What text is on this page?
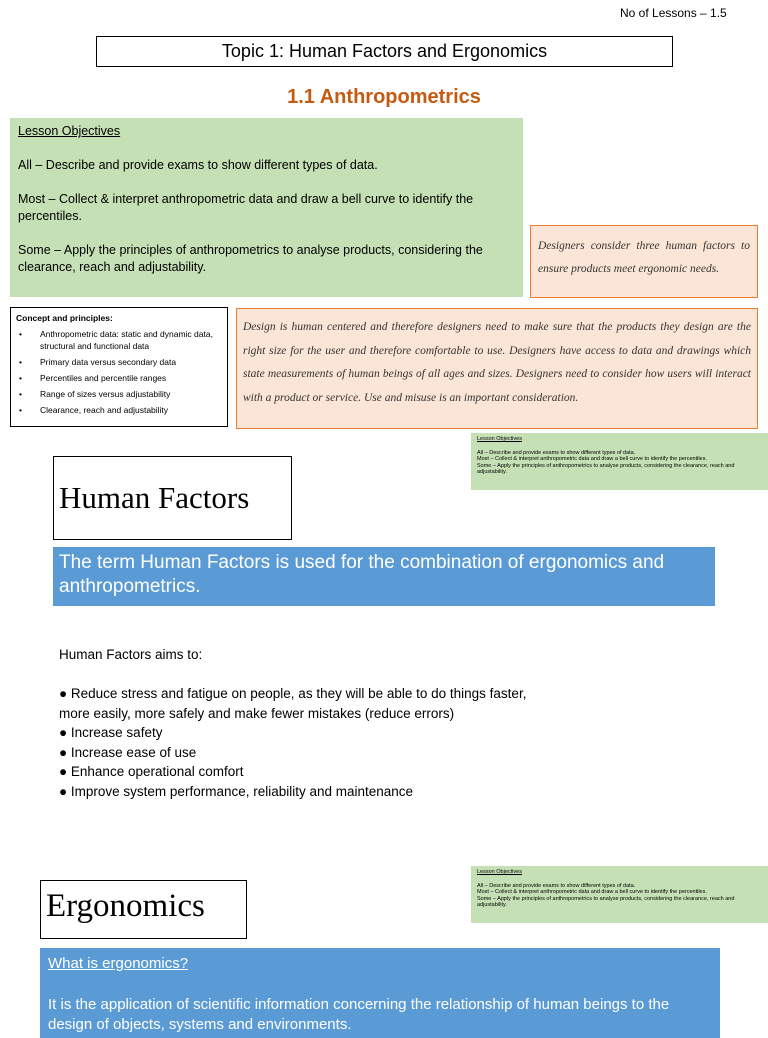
No of Lessons – 1.5
Topic 1: Human Factors and Ergonomics
1.1 Anthropometrics
Lesson Objectives

All – Describe and provide exams to show different types of data.

Most – Collect & interpret anthropometric data and draw a bell curve to identify the percentiles.

Some – Apply the principles of anthropometrics to analyse products, considering the clearance, reach and adjustability.

Designers consider three human factors to ensure products meet ergonomic needs.
Concept and principles:
• Anthropometric data: static and dynamic data, structural and functional data
• Primary data versus secondary data
• Percentiles and percentile ranges
• Range of sizes versus adjustability
• Clearance, reach and adjustability
Design is human centered and therefore designers need to make sure that the products they design are the right size for the user and therefore comfortable to use. Designers have access to data and drawings which state measurements of human beings of all ages and sizes. Designers need to consider how users will interact with a product or service. Use and misuse is an important consideration.
Lesson Objectives

All – Describe and provide exams to show different types of data.

Most – Collect & interpret anthropometric data and draw a bell curve to identify the percentiles.

Some – Apply the principles of anthropometrics to analyse products, considering the clearance, reach and adjustability.

Human Factors
The term Human Factors is used for the combination of ergonomics and anthropometrics.

Human Factors aims to:

● Reduce stress and fatigue on people, as they will be able to do things faster,

more easily, more safely and make fewer mistakes (reduce errors)

● Increase safety

● Increase ease of use

● Enhance operational comfort

● Improve system performance, reliability and maintenance

Lesson Objectives

All – Describe and provide exams to show different types of data.

Most – Collect & interpret anthropometric data and draw a bell curve to identify the percentiles.

Some – Apply the principles of anthropometrics to analyse products, considering the clearance, reach and adjustability.

Ergonomics
What is ergonomics?
It is the application of scientific information concerning the relationship of human beings to the design of objects, systems and environments.
